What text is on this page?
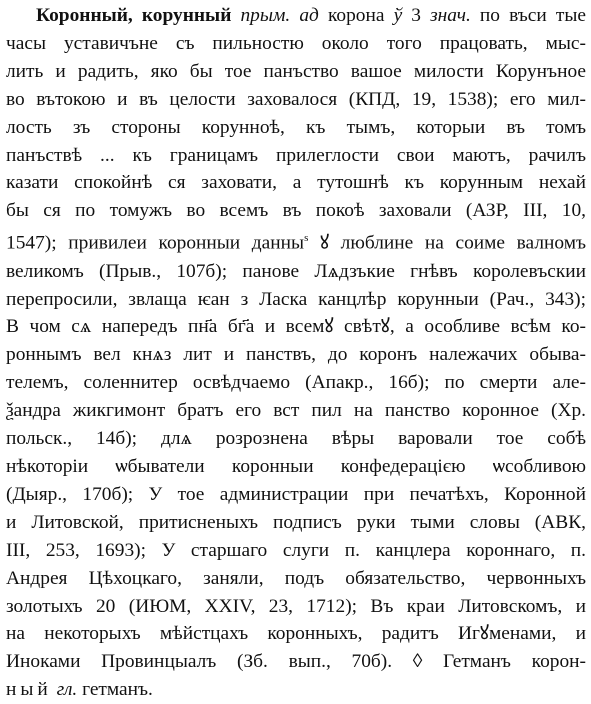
Коронный, корунный прым. ад корона ў 3 знач. по въси тые
часы уставичъне съ пильностю около того працовать, мыс-
лить и радить, яко бы тое панъство вашое милости Корунъное
во вътокою и въ целости заховалося (КПД, 19, 1538); его мил-
лость зъ стороны корунноѣ, къ тымъ, которыи въ томъ
панъствѣ ... къ границамъ прилеглости свои маютъ, рачилъ
казати спокойнѣ ся заховати, а тутошнѣ къ корунным нехай
бы ся по томужъ во всемъ въ покоѣ заховали (АЗР, III, 10,
1547); привилеи коронныи данны$^s$ ꙋ люблине на соиме валномъ
великомъ (Прыв., 107б); панове Лѧдзъкие гнѣвъ королевъскии
перепросили, звлаща ѥан з Ласка канцлѣр корунныи (Рач., 343);
В чом сѧ напередъ пн҃а бг҃а и всемꙋ свѣтꙋ, а особливе всѣм ко-
роннымъ вел кнѧз лит и панствъ, до коронъ належачих обыва-
телемъ, солeннитер освѣдчаемо (Апакр., 16б); по смерти але-
ѯандра жикгимонт братъ его вст пил на панство коронное (Хр.
польск., 14б); длѧ розрознена вѣры варовали тое собѣ
нѣкоторіи ѡбыватели коронныи конфедерацією ѡсобливою
(Дыяр., 170б); У тое администрации при печатѣхъ, Коронной
и Литовской, притисненыхъ подписъ руки тыми словы (АВК,
III, 253, 1693); У старшаго слуги п. канцлера короннаго, п.
Андрея Цѣхоцкаго, заняли, подъ обязательство, червонныхъ
золотыхъ 20 (ИЮМ, XXIV, 23, 1712); Въ краи Литовскомъ, и
на некоторыхъ мѣйстцахъ коронныхъ, радитъ Игꙋменами, и
Иноками Провинцыалъ (Зб. вып., 70б). ◊ Гетманъ корон-
ный гл. гетманъ.
